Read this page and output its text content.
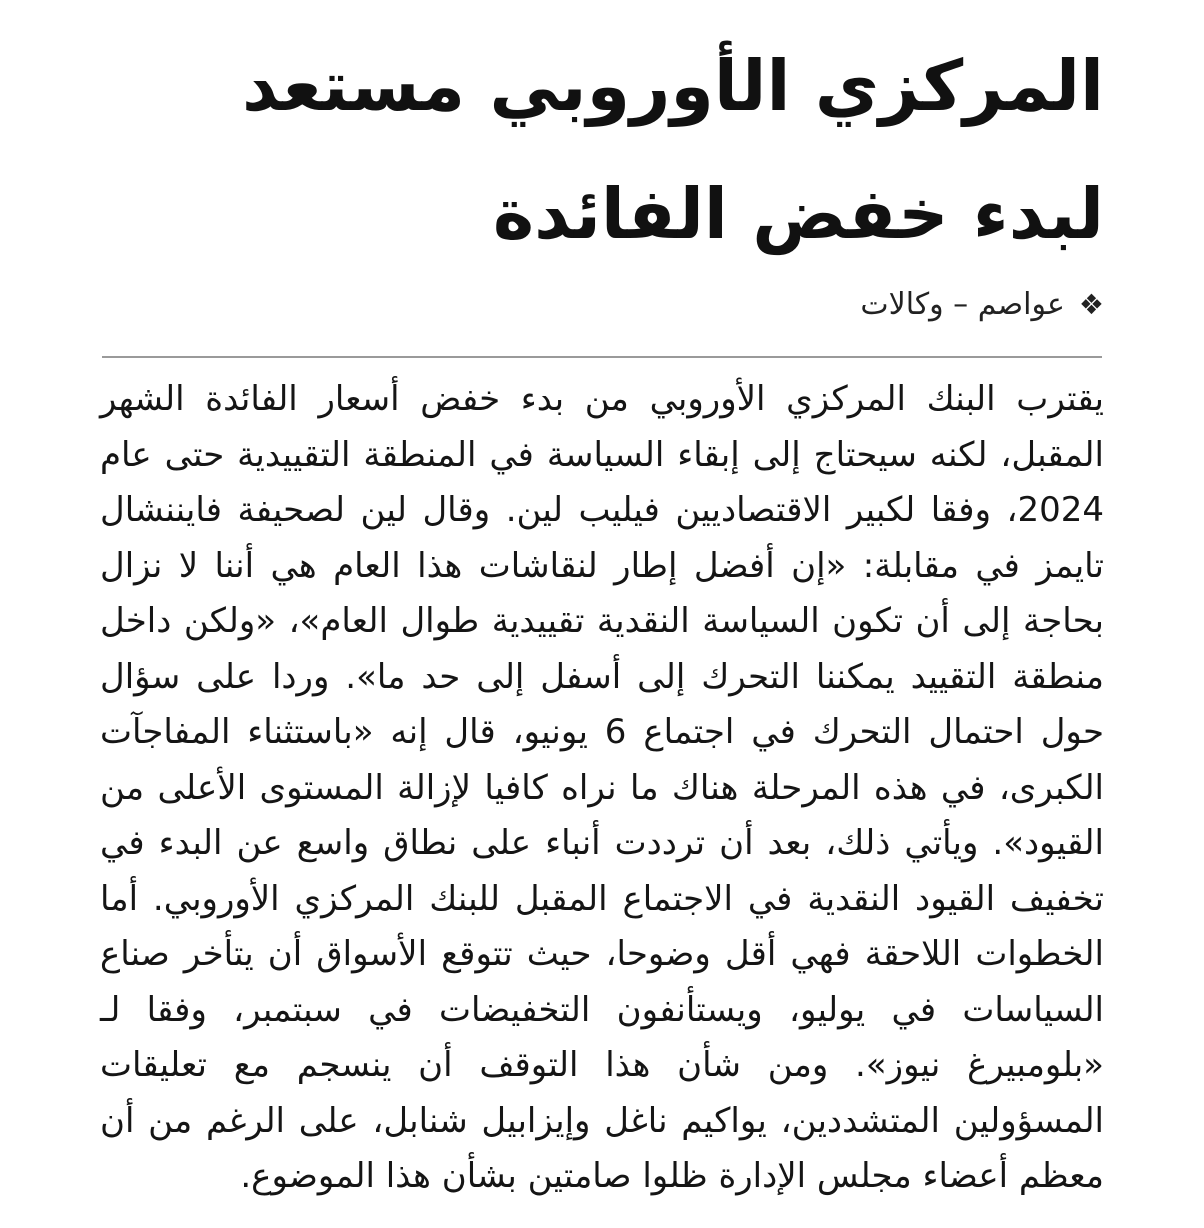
المركزي الأوروبي مستعد لبدء خفض الفائدة
❖
عواصم – وكالات

يقترب البنك المركزي الأوروبي من بدء خفض أسعار الفائدة الشهر المقبل، لكنه سيحتاج إلى إبقاء السياسة في المنطقة التقييدية حتى عام 2024، وفقا لكبير الاقتصاديين فيليب لين. وقال لين لصحيفة فايننشال تايمز في مقابلة: «إن أفضل إطار لنقاشات هذا العام هي أننا لا نزال بحاجة إلى أن تكون السياسة النقدية تقييدية طوال العام»، «ولكن داخل منطقة التقييد يمكننا التحرك إلى أسفل إلى حد ما». وردا على سؤال حول احتمال التحرك في اجتماع 6 يونيو، قال إنه «باستثناء المفاجآت الكبرى، في هذه المرحلة هناك ما نراه كافيا لإزالة المستوى الأعلى من القيود». ويأتي ذلك، بعد أن ترددت أنباء على نطاق واسع عن البدء في تخفيف القيود النقدية في الاجتماع المقبل للبنك المركزي الأوروبي. أما الخطوات اللاحقة فهي أقل وضوحا، حيث تتوقع الأسواق أن يتأخر صناع السياسات في يوليو، ويستأنفون التخفيضات في سبتمبر، وفقا لـ «بلومبيرغ نيوز». ومن شأن هذا التوقف أن ينسجم مع تعليقات المسؤولين المتشددين، يواكيم ناغل وإيزابيل شنابل، على الرغم من أن معظم أعضاء مجلس الإدارة ظلوا صامتين بشأن هذا الموضوع.
